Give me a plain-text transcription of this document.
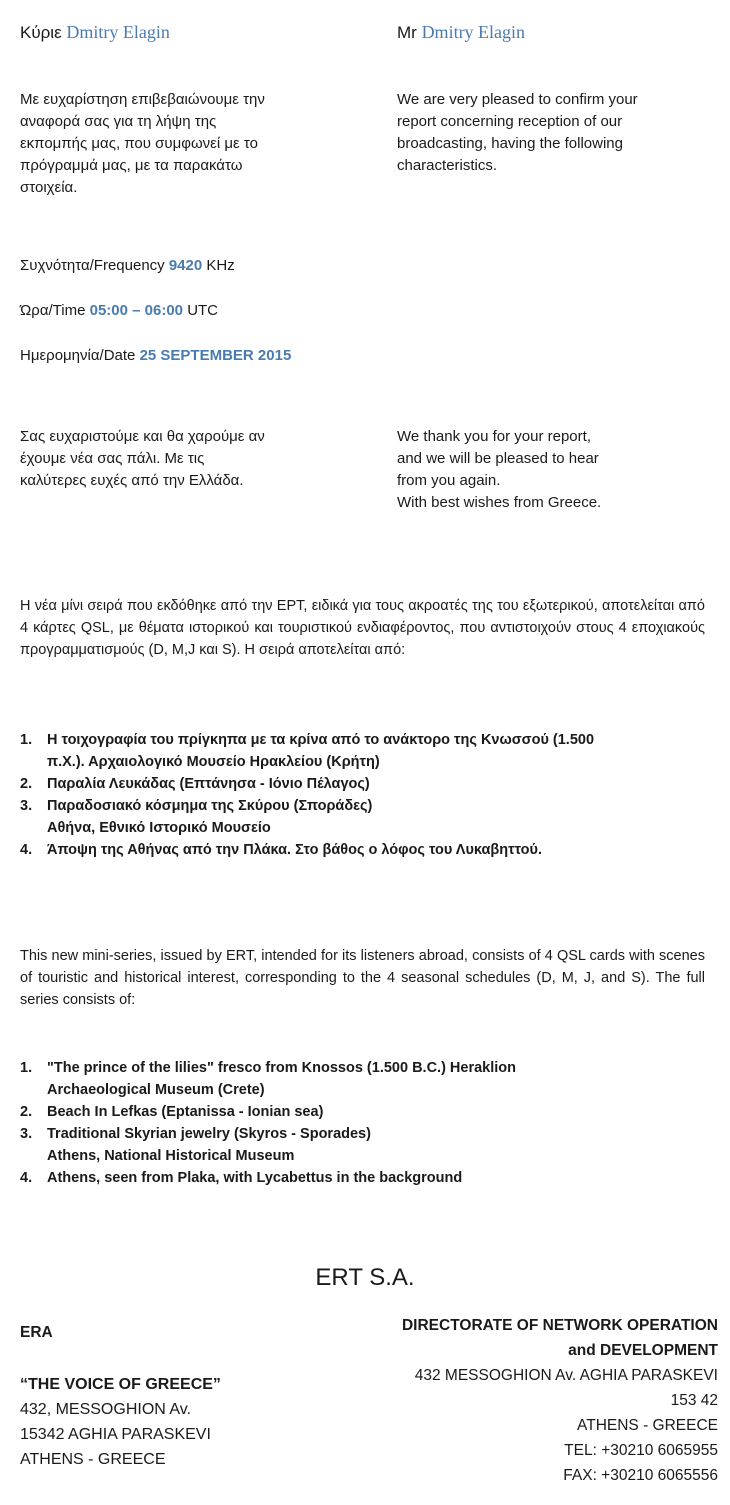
Κύριε Dmitry Elagin	Mr Dmitry Elagin
Με ευχαρίστηση επιβεβαιώνουμε την
αναφορά σας για τη λήψη της
εκπομπής μας, που συμφωνεί με το
πρόγραμμά μας, με τα παρακάτω
στοιχεία.
We are very pleased to confirm your
report concerning reception of our
broadcasting, having the following
characteristics.
Συχνότητα/Frequency 9420 KHz
Ώρα/Time 05:00 – 06:00 UTC
Ημερομηνία/Date 25 SEPTEMBER 2015
Σας ευχαριστούμε και θα χαρούμε αν
έχουμε νέα σας πάλι. Με τις
καλύτερες ευχές από την Ελλάδα.
We thank you for your report,
and we will be pleased to hear
from you again.
With best wishes from Greece.
Η νέα μίνι σειρά που εκδόθηκε από την ΕΡΤ, ειδικά για τους ακροατές της του εξωτερικού, αποτελείται από 4 κάρτες QSL, με θέματα ιστορικού και τουριστικού ενδιαφέροντος, που αντιστοιχούν στους 4 εποχιακούς προγραμματισμούς (D, M,J και S). Η σειρά αποτελείται από:
1. Η τοιχογραφία του πρίγκηπα με τα κρίνα από το ανάκτορο της Κνωσσού (1.500
π.Χ.). Αρχαιολογικό Μουσείο Ηρακλείου (Κρήτη)
2. Παραλία Λευκάδας (Επτάνησα - Ιόνιο Πέλαγος)
3. Παραδοσιακό κόσμημα της Σκύρου (Σποράδες)
Αθήνα, Εθνικό Ιστορικό Μουσείο
4. Άποψη της Αθήνας από την Πλάκα. Στο βάθος ο λόφος του Λυκαβηττού.
This new mini-series, issued by ERT, intended for its listeners abroad, consists of 4 QSL cards with scenes of touristic and historical interest, corresponding to the 4 seasonal schedules (D, M, J, and S). The full series consists of:
1. "The prince of the lilies" fresco from Knossos (1.500 B.C.) Heraklion
Archaeological Museum (Crete)
2. Beach In Lefkas (Eptanissa - Ionian sea)
3. Traditional Skyrian jewelry (Skyros - Sporades)
Athens, National Historical Museum
4. Athens, seen from Plaka, with Lycabettus in the background
ERT S.A.
ERA
“THE VOICE OF GREECE”
432, MESSOGHION Av.
15342 AGHIA PARASKEVI
ATHENS - GREECE
DIRECTORATE OF NETWORK OPERATION
and DEVELOPMENT
432 MESSOGHION Av. AGHIA PARASKEVI
153 42
ATHENS - GREECE
TEL: +30210 6065955
FAX: +30210 6065556
